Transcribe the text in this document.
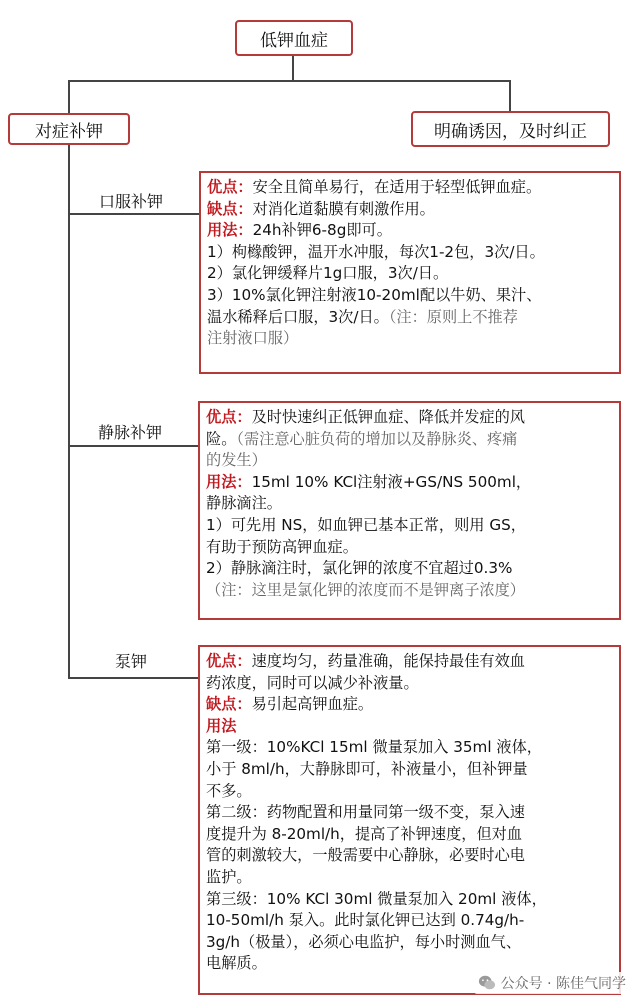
低钾血症
对症补钾	明确诱因，及时纠正
口服补钾
静脉补钾
泵钾

优点：安全且简单易行，在适用于轻型低钾血症。

缺点：对消化道黏膜有刺激作用。

用法：24h补钾6-8g即可。

1）枸橼酸钾，温开水冲服，每次1-2包，3次/日。

2）氯化钾缓释片1g口服，3次/日。

3）10%氯化钾注射液10-20ml配以牛奶、果汁、

温水稀释后口服，3次/日。（注：原则上不推荐

注射液口服）

优点：及时快速纠正低钾血症、降低并发症的风

险。（需注意心脏负荷的增加以及静脉炎、疼痛

的发生）

用法：15ml 10% KCl注射液+GS/NS 500ml，

静脉滴注。

1）可先用 NS，如血钾已基本正常，则用 GS，

有助于预防高钾血症。

2）静脉滴注时，氯化钾的浓度不宜超过0.3%

（注：这里是氯化钾的浓度而不是钾离子浓度）

优点：速度均匀，药量准确，能保持最佳有效血

药浓度，同时可以减少补液量。

缺点：易引起高钾血症。

用法

第一级：10%KCl 15ml 微量泵加入 35ml 液体，

小于 8ml/h，大静脉即可，补液量小，但补钾量

不多。

第二级：药物配置和用量同第一级不变，泵入速

度提升为 8-20ml/h，提高了补钾速度，但对血

管的刺激较大，一般需要中心静脉，必要时心电

监护。

第三级：10% KCl 30ml 微量泵加入 20ml 液体，

10-50ml/h 泵入。此时氯化钾已达到 0.74g/h-

3g/h（极量），必须心电监护，每小时测血气、

电解质。

公众号 · 陈佳气同学
